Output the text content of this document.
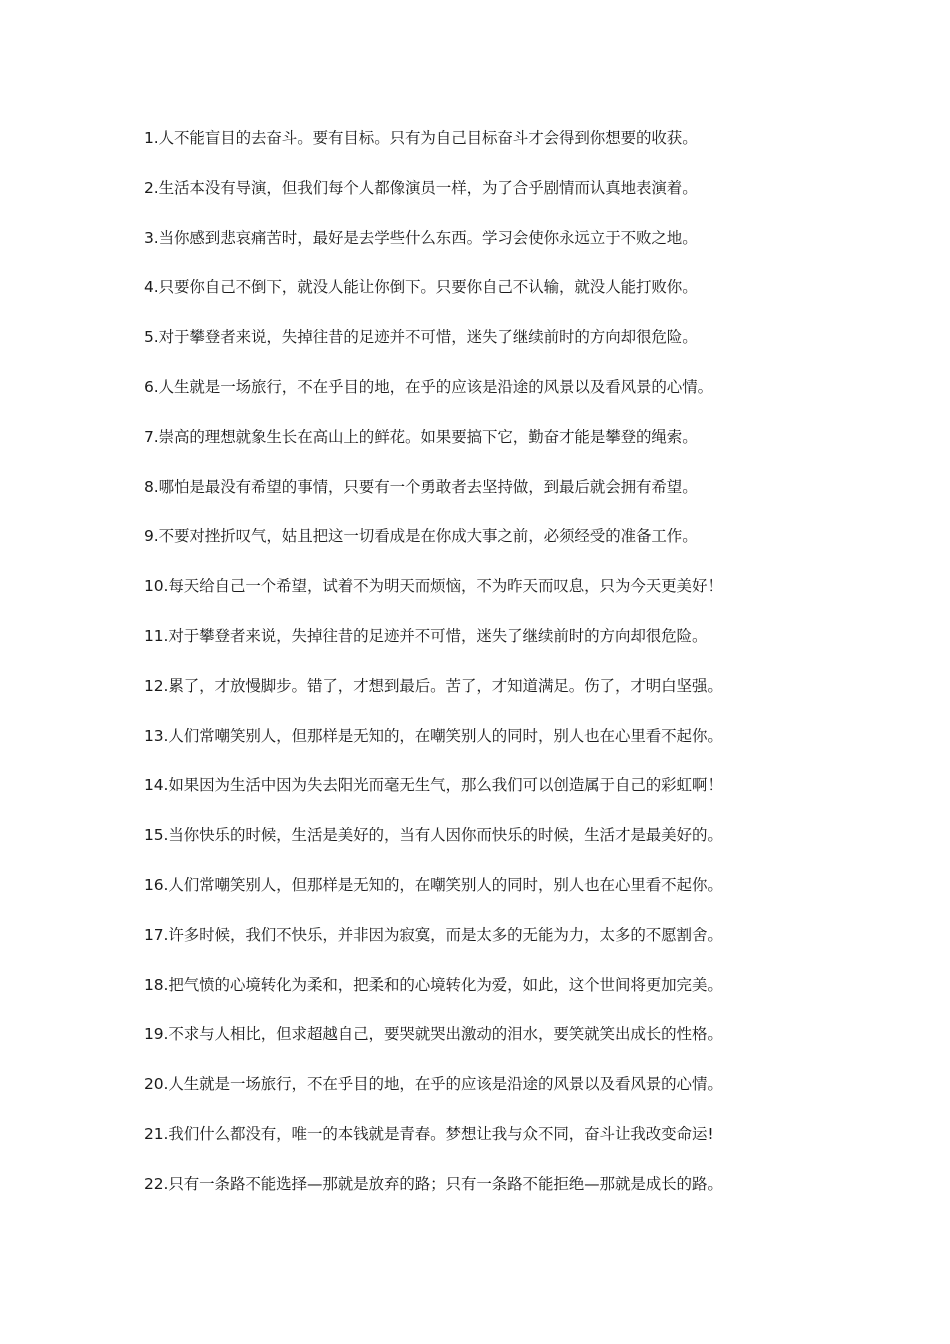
1.人不能盲目的去奋斗。要有目标。只有为自己目标奋斗才会得到你想要的收获。
2.生活本没有导演，但我们每个人都像演员一样，为了合乎剧情而认真地表演着。
3.当你感到悲哀痛苦时，最好是去学些什么东西。学习会使你永远立于不败之地。
4.只要你自己不倒下，就没人能让你倒下。只要你自己不认输，就没人能打败你。
5.对于攀登者来说，失掉往昔的足迹并不可惜，迷失了继续前时的方向却很危险。
6.人生就是一场旅行，不在乎目的地，在乎的应该是沿途的风景以及看风景的心情。
7.崇高的理想就象生长在高山上的鲜花。如果要搞下它，勤奋才能是攀登的绳索。
8.哪怕是最没有希望的事情，只要有一个勇敢者去坚持做，到最后就会拥有希望。
9.不要对挫折叹气，姑且把这一切看成是在你成大事之前，必须经受的准备工作。
10.每天给自己一个希望，试着不为明天而烦恼，不为昨天而叹息，只为今天更美好！
11.对于攀登者来说，失掉往昔的足迹并不可惜，迷失了继续前时的方向却很危险。
12.累了，才放慢脚步。错了，才想到最后。苦了，才知道满足。伤了，才明白坚强。
13.人们常嘲笑别人，但那样是无知的，在嘲笑别人的同时，别人也在心里看不起你。
14.如果因为生活中因为失去阳光而毫无生气，那么我们可以创造属于自己的彩虹啊！
15.当你快乐的时候，生活是美好的，当有人因你而快乐的时候，生活才是最美好的。
16.人们常嘲笑别人，但那样是无知的，在嘲笑别人的同时，别人也在心里看不起你。
17.许多时候，我们不快乐，并非因为寂寞，而是太多的无能为力，太多的不愿割舍。
18.把气愤的心境转化为柔和，把柔和的心境转化为爱，如此，这个世间将更加完美。
19.不求与人相比，但求超越自己，要哭就哭出激动的泪水，要笑就笑出成长的性格。
20.人生就是一场旅行，不在乎目的地，在乎的应该是沿途的风景以及看风景的心情。
21.我们什么都没有，唯一的本钱就是青春。梦想让我与众不同，奋斗让我改变命运!
22.只有一条路不能选择—那就是放弃的路；只有一条路不能拒绝—那就是成长的路。
